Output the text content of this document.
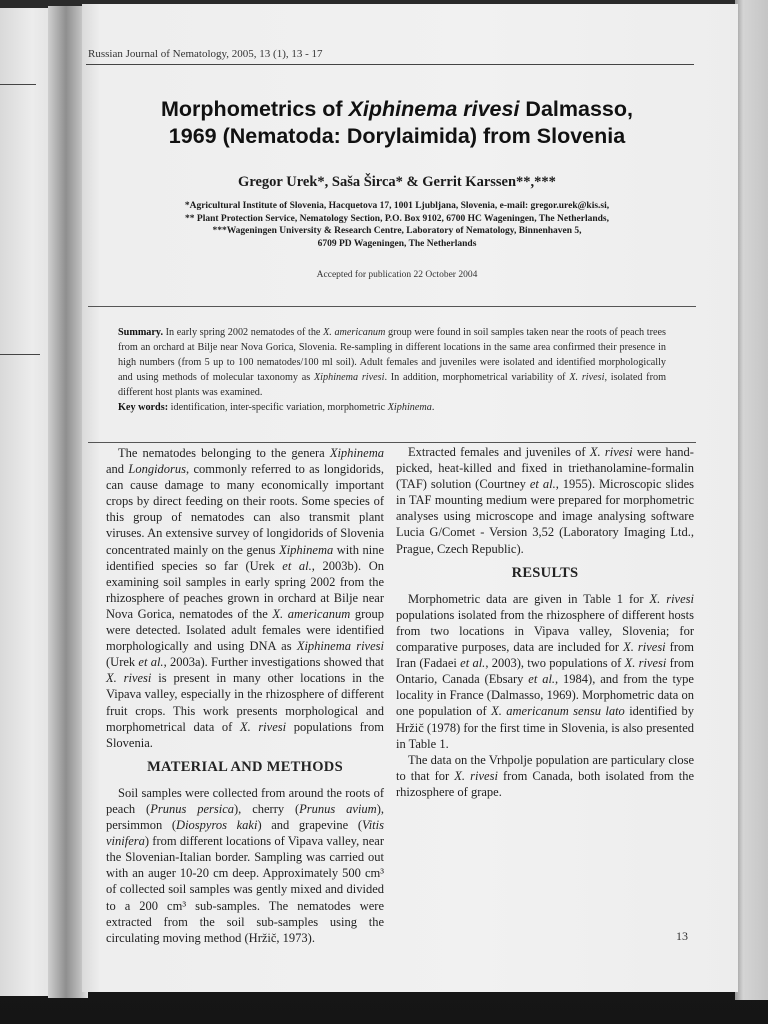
Russian Journal of Nematology, 2005, 13 (1), 13 - 17
Morphometrics of Xiphinema rivesi Dalmasso,
1969 (Nematoda: Dorylaimida) from Slovenia
Gregor Urek*, Saša Širca* & Gerrit Karssen**,***
*Agricultural Institute of Slovenia, Hacquetova 17, 1001 Ljubljana, Slovenia, e-mail: gregor.urek@kis.si,
** Plant Protection Service, Nematology Section, P.O. Box 9102, 6700 HC Wageningen, The Netherlands,
***Wageningen University & Research Centre, Laboratory of Nematology, Binnenhaven 5,
6709 PD Wageningen, The Netherlands
Accepted for publication 22 October 2004
Summary. In early spring 2002 nematodes of the X. americanum group were found in soil samples taken near the roots of peach trees from an orchard at Bilje near Nova Gorica, Slovenia. Re-sampling in different locations in the same area confirmed their presence in high numbers (from 5 up to 100 nematodes/100 ml soil). Adult females and juveniles were isolated and identified morphologically and using methods of molecular taxonomy as Xiphinema rivesi. In addition, morphometrical variability of X. rivesi, isolated from different host plants was examined.
Key words: identification, inter-specific variation, morphometric Xiphinema.

The nematodes belonging to the genera Xiphinema and Longidorus, commonly referred to as longidorids, can cause damage to many economically important crops by direct feeding on their roots. Some species of this group of nematodes can also transmit plant viruses. An extensive survey of longidorids of Slovenia concentrated mainly on the genus Xiphinema with nine identified species so far (Urek et al., 2003b). On examining soil samples in early spring 2002 from the rhizosphere of peaches grown in orchard at Bilje near Nova Gorica, nematodes of the X. americanum group were detected. Isolated adult females were identified morphologically and using DNA as Xiphinema rivesi (Urek et al., 2003a). Further investigations showed that X. rivesi is present in many other locations in the Vipava valley, especially in the rhizosphere of different fruit crops. This work presents morphological and morphometrical data of X. rivesi populations from Slovenia.

MATERIAL AND METHODS

Soil samples were collected from around the roots of peach (Prunus persica), cherry (Prunus avium), persimmon (Diospyros kaki) and grapevine (Vitis vinifera) from different locations of Vipava valley, near the Slovenian-Italian border. Sampling was carried out with an auger 10-20 cm deep. Approximately 500 cm³ of collected soil samples was gently mixed and divided to a 200 cm³ sub-samples. The nematodes were extracted from the soil sub-samples using the circulating moving method (Hržič, 1973).

Extracted females and juveniles of X. rivesi were hand-picked, heat-killed and fixed in triethanolamine-formalin (TAF) solution (Courtney et al., 1955). Microscopic slides in TAF mounting medium were prepared for morphometric analyses using microscope and image analysing software Lucia G/Comet - Version 3,52 (Laboratory Imaging Ltd., Prague, Czech Republic).

RESULTS

Morphometric data are given in Table 1 for X. rivesi populations isolated from the rhizosphere of different hosts from two locations in Vipava valley, Slovenia; for comparative purposes, data are included for X. rivesi from Iran (Fadaei et al., 2003), two populations of X. rivesi from Ontario, Canada (Ebsary et al., 1984), and from the type locality in France (Dalmasso, 1969). Morphometric data on one population of X. americanum sensu lato identified by Hržič (1978) for the first time in Slovenia, is also presented in Table 1.

The data on the Vrhpolje population are particulary close to that for X. rivesi from Canada, both isolated from the rhizosphere of grape.

13
